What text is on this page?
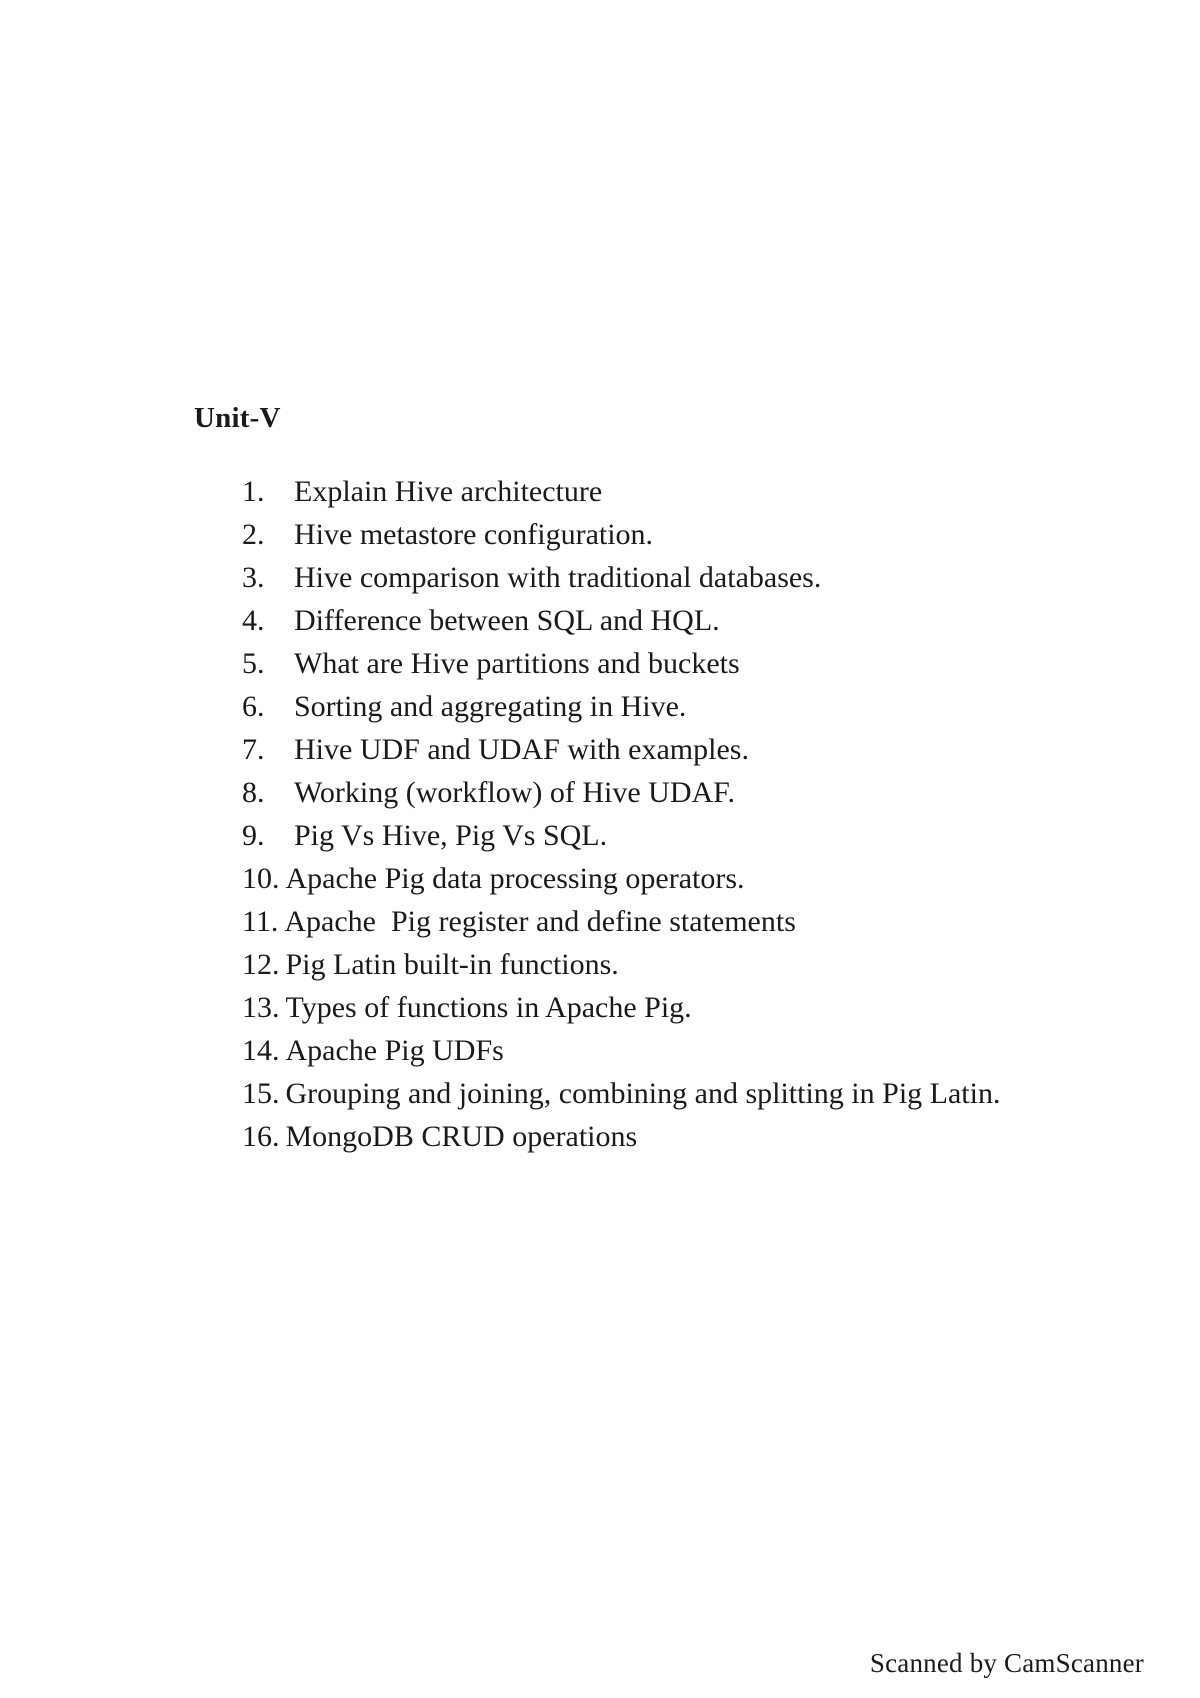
Unit-V
1. Explain Hive architecture
2. Hive metastore configuration.
3. Hive comparison with traditional databases.
4. Difference between SQL and HQL.
5. What are Hive partitions and buckets
6. Sorting and aggregating in Hive.
7. Hive UDF and UDAF with examples.
8. Working (workflow) of Hive UDAF.
9. Pig Vs Hive, Pig Vs SQL.
10. Apache Pig data processing operators.
11. Apache  Pig register and define statements
12. Pig Latin built-in functions.
13. Types of functions in Apache Pig.
14. Apache Pig UDFs
15. Grouping and joining, combining and splitting in Pig Latin.
16. MongoDB CRUD operations
Scanned by CamScanner
